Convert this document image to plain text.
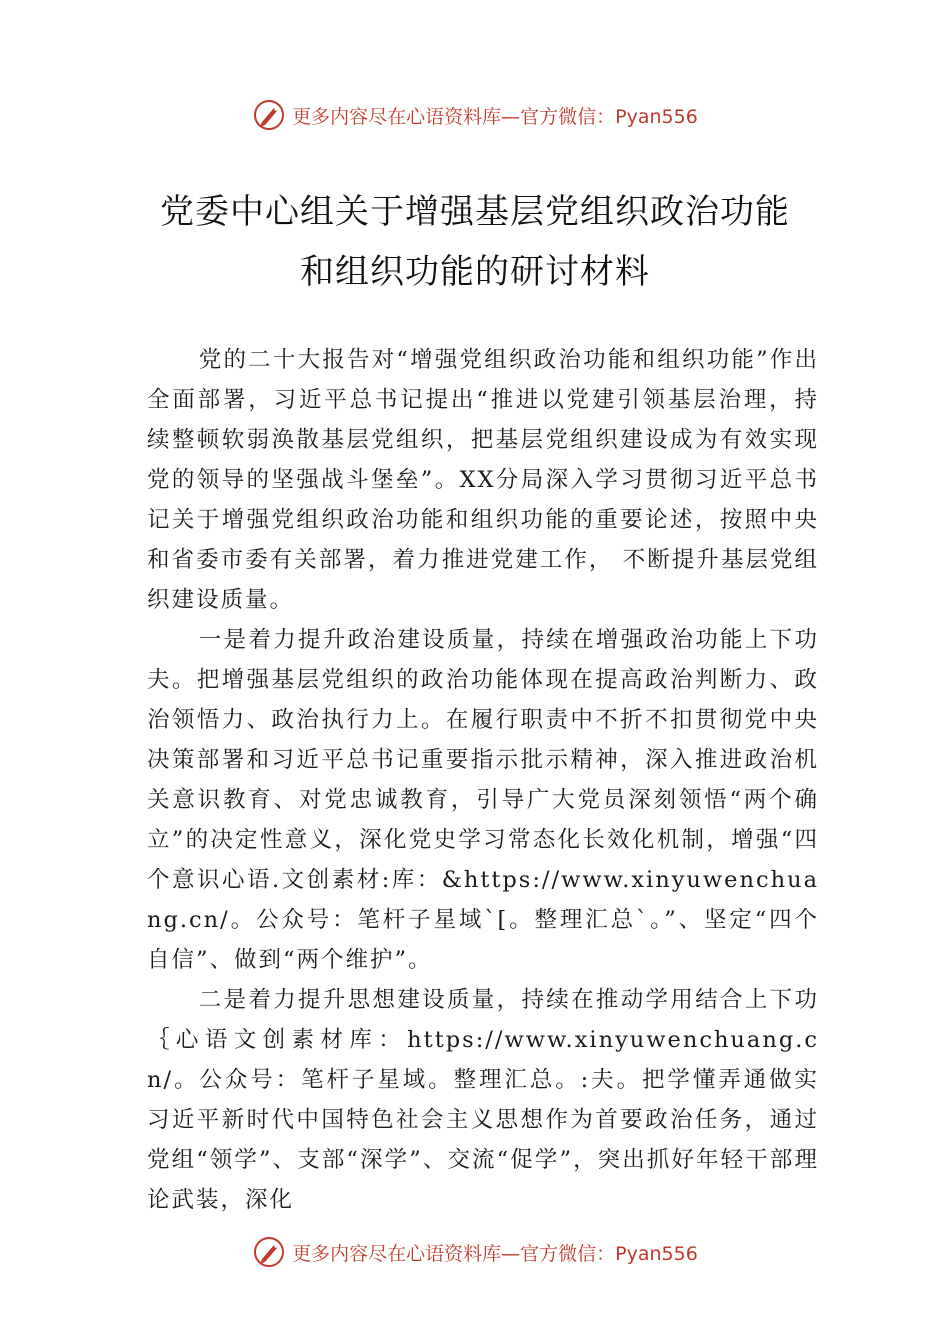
更多内容尽在心语资料库—官方微信：Pyan556
党委中心组关于增强基层党组织政治功能
和组织功能的研讨材料

党的二十大报告对“增强党组织政治功能和组织功能”作出全面部署，习近平总书记提出“推进以党建引领基层治理，持续整顿软弱涣散基层党组织，把基层党组织建设成为有效实现党的领导的坚强战斗堡垒”。XX分局深入学习贯彻习近平总书记关于增强党组织政治功能和组织功能的重要论述，按照中央和省委市委有关部署，着力推进党建工作， 不断提升基层党组织建设质量。

一是着力提升政治建设质量，持续在增强政治功能上下功夫。把增强基层党组织的政治功能体现在提高政治判断力、政治领悟力、政治执行力上。在履行职责中不折不扣贯彻党中央决策部署和习近平总书记重要指示批示精神，深入推进政治机关意识教育、对党忠诚教育，引导广大党员深刻领悟“两个确立”的决定性意义，深化党史学习常态化长效化机制，增强“四个意识心语.文创素材:库：&https://www.xinyuwenchuang.cn/。公众号：笔杆子星域`[。整理汇总`。”、坚定“四个自信”、做到“两个维护”。

二是着力提升思想建设质量，持续在推动学用结合上下功｛心语文创素材库：https://www.xinyuwenchuang.cn/。公众号：笔杆子星域。整理汇总。:夫。把学懂弄通做实习近平新时代中国特色社会主义思想作为首要政治任务，通过党组“领学”、支部“深学”、交流“促学”，突出抓好年轻干部理论武装，深化

更多内容尽在心语资料库—官方微信：Pyan556
